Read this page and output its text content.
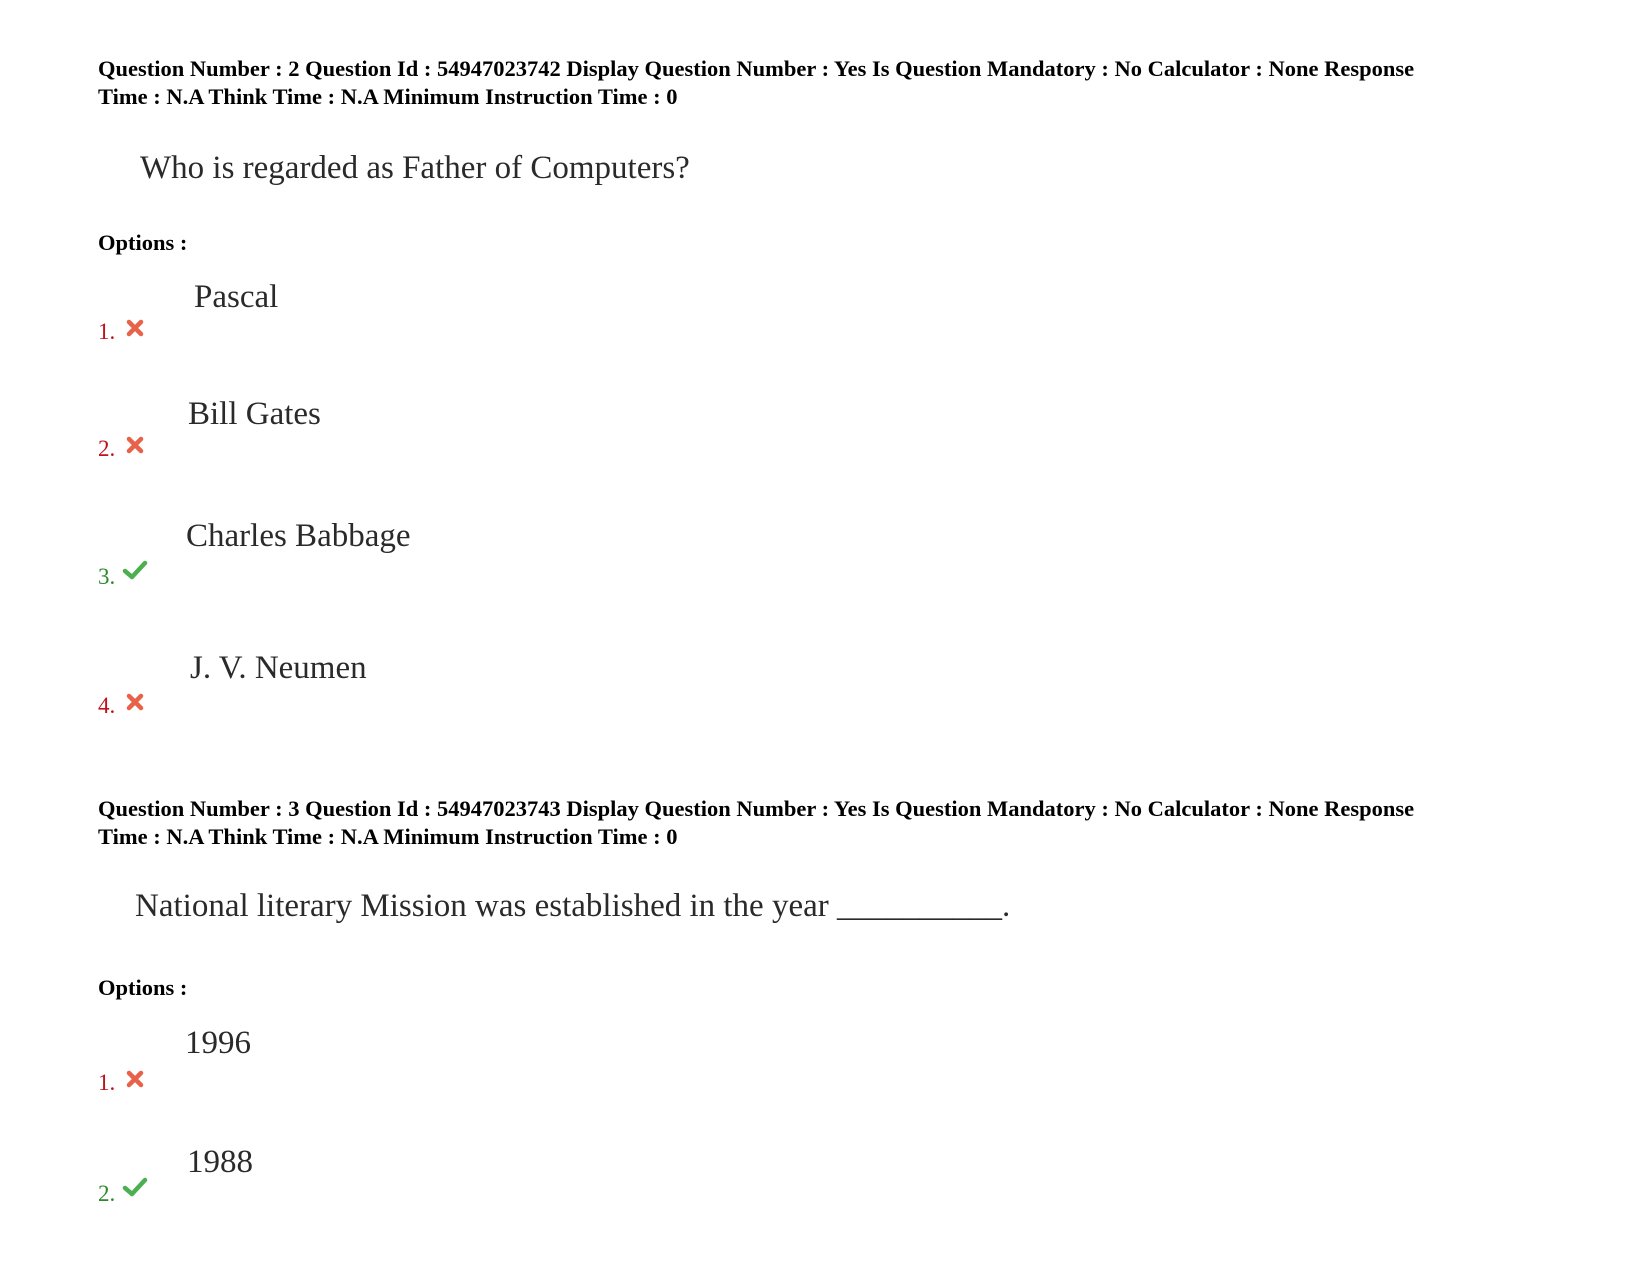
Question Number : 2 Question Id : 54947023742 Display Question Number : Yes Is Question Mandatory : No Calculator : None Response

Time : N.A Think Time : N.A Minimum Instruction Time : 0

Who is regarded as Father of Computers?
Options :
Pascal
1.
Bill Gates
2.
Charles Babbage
3.
J. V. Neumen
4.

Question Number : 3 Question Id : 54947023743 Display Question Number : Yes Is Question Mandatory : No Calculator : None Response

Time : N.A Think Time : N.A Minimum Instruction Time : 0

National literary Mission was established in the year __________.
Options :
1996
1.
1988
2.
